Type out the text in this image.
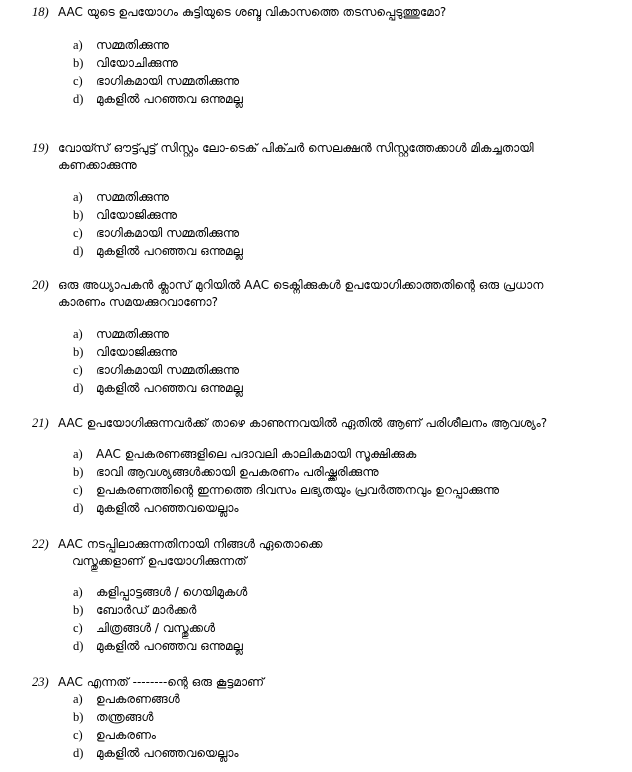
18) AAC യുടെ ഉപയോഗം കുട്ടിയുടെ ശബ്ദ വികാസത്തെ തടസപ്പെടുത്തുമോ?
a)	സമ്മതിക്കുന്നു
b) വിയോചിക്കുന്നു
c)	ഭാഗികമായി സമ്മതിക്കുന്നു
d) മുകളിൽ പറഞ്ഞവ ഒന്നുമല്ല
19) വോയ്സ് ഔട്ട്പുട്ട് സിസ്റ്റം ലോ-ടെക് പിക്ചർ സെലക്ഷൻ സിസ്റ്റത്തേക്കാൾ മികച്ചതായി
കണക്കാക്കുന്നു
a)	സമ്മതിക്കുന്നു
b) വിയോജിക്കുന്നു
c)	ഭാഗികമായി സമ്മതിക്കുന്നു
d) മുകളിൽ പറഞ്ഞവ ഒന്നുമല്ല
20) ഒരു അധ്യാപകൻ ക്ലാസ് മുറിയിൽ AAC ടെക്നിക്കുകൾ ഉപയോഗിക്കാത്തതിന്റെ ഒരു പ്രധാന
കാരണം സമയക്കുറവാണോ?
a)	സമ്മതിക്കുന്നു
b) വിയോജിക്കുന്നു
c)	ഭാഗികമായി സമ്മതിക്കുന്നു
d) മുകളിൽ പറഞ്ഞവ ഒന്നുമല്ല
21) AAC ഉപയോഗിക്കുന്നവർക്ക് താഴെ കാണുന്നവയിൽ ഏതിൽ ആണ് പരിശീലനം ആവശ്യം?
a)	AAC ഉപകരണങ്ങളിലെ പദാവലി കാലികമായി സൂക്ഷിക്കുക
b) ഭാവി ആവശ്യങ്ങൾക്കായി ഉപകരണം പരിഷ്ക്കരിക്കുന്നു
c)	ഉപകരണത്തിന്റെ ഇന്നത്തെ ദിവസം ലഭ്യതയും പ്രവർത്തനവും ഉറപ്പാക്കുന്നു
d) മുകളിൽ പറഞ്ഞവയെല്ലാം
22) AAC നടപ്പിലാക്കുന്നതിനായി നിങ്ങൾ ഏതൊക്കെ
വസ്തുക്കളാണ് ഉപയോഗിക്കുന്നത്
a)	കളിപ്പാട്ടങ്ങൾ / ഗെയിമുകൾ
b) ബോർഡ് മാർക്കർ
c)	ചിത്രങ്ങൾ / വസ്തുക്കൾ
d) മുകളിൽ പറഞ്ഞവ ഒന്നുമല്ല
23) AAC എന്നത് --------ന്റെ ഒരു കൂട്ടമാണ്
a)	ഉപകരണങ്ങൾ
b) തന്ത്രങ്ങൾ
c)	ഉപകരണം
d) മുകളിൽ പറഞ്ഞവയെല്ലാം
